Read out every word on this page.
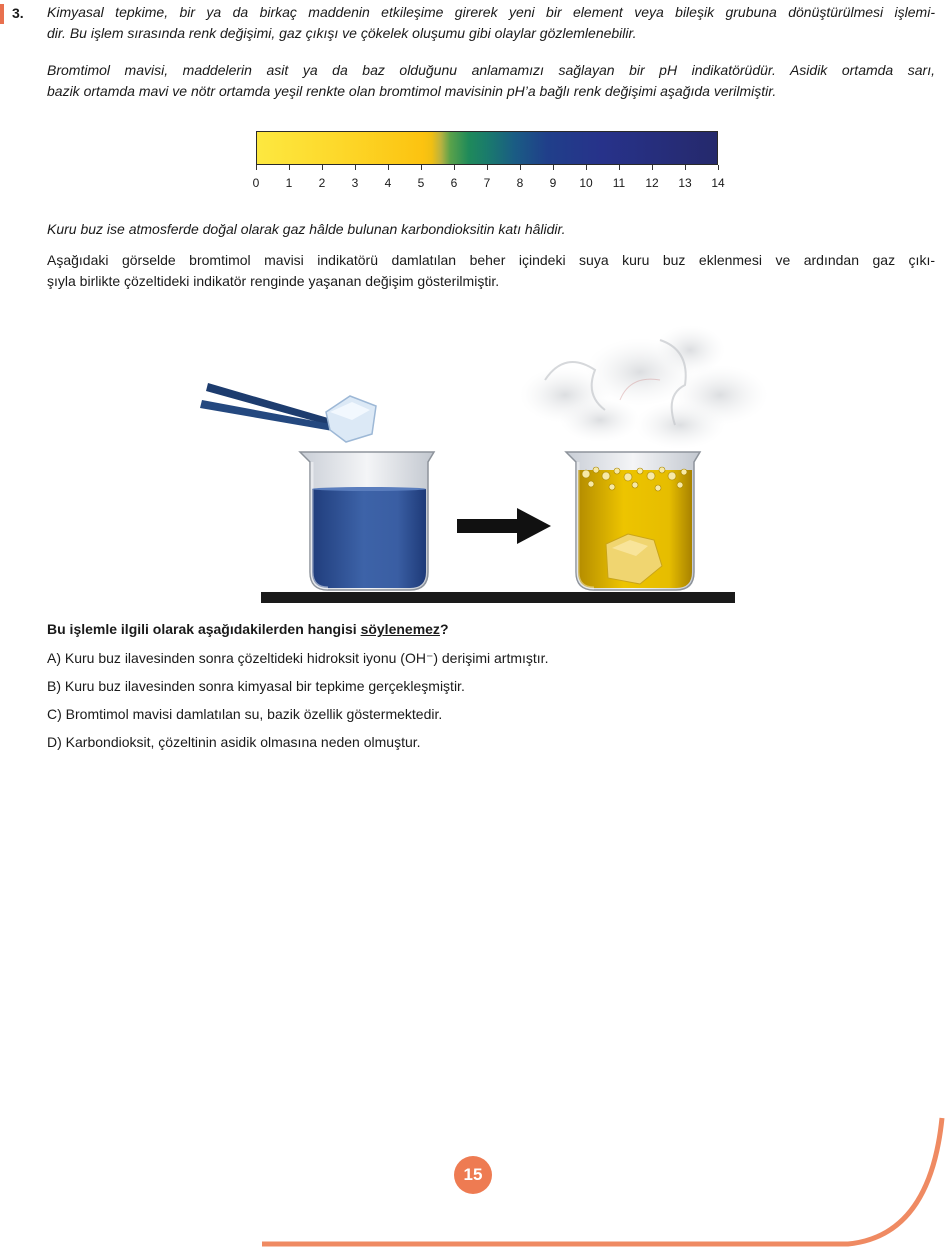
3. Kimyasal tepkime, bir ya da birkaç maddenin etkileşime girerek yeni bir element veya bileşik grubuna dönüştürülmesi işlemi-
dir. Bu işlem sırasında renk değişimi, gaz çıkışı ve çökelek oluşumu gibi olaylar gözlemlenebilir.
Bromtimol mavisi, maddelerin asit ya da baz olduğunu anlamamızı sağlayan bir pH indikatörüdür. Asidik ortamda sarı,
bazik ortamda mavi ve nötr ortamda yeşil renkte olan bromtimol mavisinin pH’a bağlı renk değişimi aşağıda verilmiştir.
0	1	2	3	4	5	6	7	8	9	10	11	12	13	14
Kuru buz ise atmosferde doğal olarak gaz hâlde bulunan karbondioksitin katı hâlidir.
Aşağıdaki görselde bromtimol mavisi indikatörü damlatılan beher içindeki suya kuru buz eklenmesi ve ardından gaz çıkı-
şıyla birlikte çözeltideki indikatör renginde yaşanan değişim gösterilmiştir.
Bu işlemle ilgili olarak aşağıdakilerden hangisi söylenemez?
A) Kuru buz ilavesinden sonra çözeltideki hidroksit iyonu (OH⁻) derişimi artmıştır.
B) Kuru buz ilavesinden sonra kimyasal bir tepkime gerçekleşmiştir.
C) Bromtimol mavisi damlatılan su, bazik özellik göstermektedir.
D) Karbondioksit, çözeltinin asidik olmasına neden olmuştur.
15
